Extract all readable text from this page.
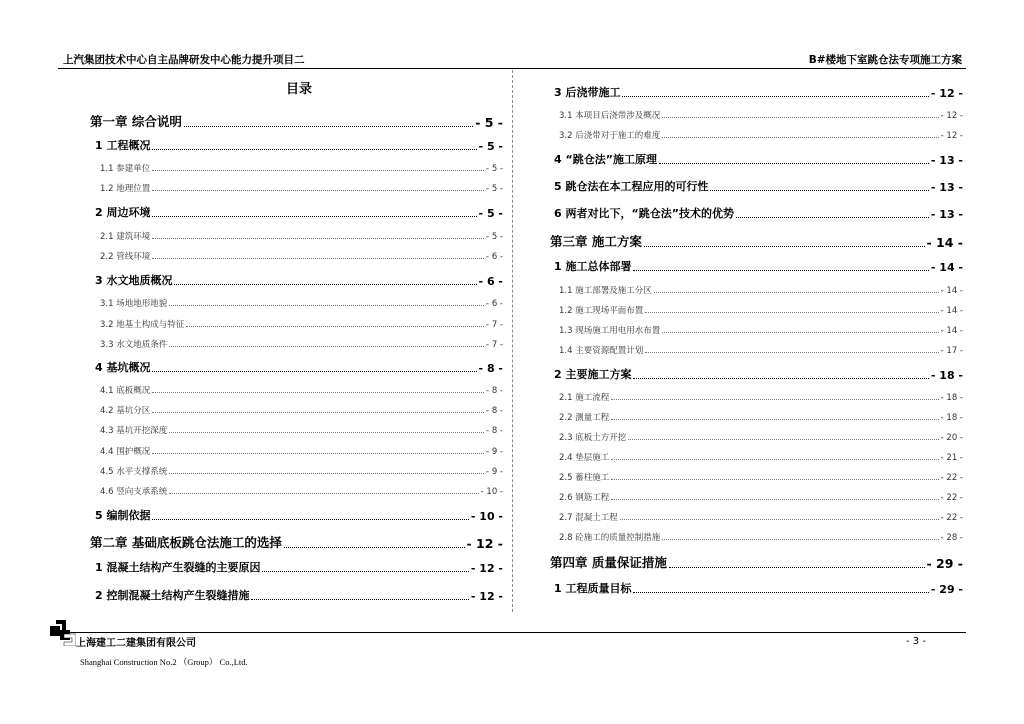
上汽集团技术中心自主品牌研发中心能力提升项目二	B#楼地下室跳仓法专项施工方案
目录
第一章 综合说明	- 5 -
1 工程概况	- 5 -
1.1 参建单位	- 5 -
1.2 地理位置	- 5 -
2 周边环境	- 5 -
2.1 建筑环境	- 5 -
2.2 管线环境	- 6 -
3 水文地质概况	- 6 -
3.1 场地地形地貌	- 6 -
3.2 地基土构成与特征	- 7 -
3.3 水文地质条件	- 7 -
4 基坑概况	- 8 -
4.1 底板概况	- 8 -
4.2 基坑分区	- 8 -
4.3 基坑开挖深度	- 8 -
4.4 围护概况	- 9 -
4.5 水平支撑系统	- 9 -
4.6 竖向支承系统	- 10 -
5 编制依据	- 10 -
第二章 基础底板跳仓法施工的选择	- 12 -
1 混凝土结构产生裂缝的主要原因	- 12 -
2 控制混凝土结构产生裂缝措施	- 12 -
3 后浇带施工	- 12 -
3.1 本项目后浇带涉及概况	- 12 -
3.2 后浇带对于施工的难度	- 12 -
4 “跳仓法”施工原理	- 13 -
5 跳仓法在本工程应用的可行性	- 13 -
6 两者对比下，“跳仓法”技术的优势	- 13 -
第三章 施工方案	- 14 -
1 施工总体部署	- 14 -
1.1 施工部署及施工分区	- 14 -
1.2 施工现场平面布置	- 14 -
1.3 现场施工用电用水布置	- 14 -
1.4 主要资源配置计划	- 17 -
2 主要施工方案	- 18 -
2.1 施工流程	- 18 -
2.2 测量工程	- 18 -
2.3 底板土方开挖	- 20 -
2.4 垫层施工	- 21 -
2.5 蓄柱施工	- 22 -
2.6 钢筋工程	- 22 -
2.7 混凝土工程	- 22 -
2.8 砼施工的质量控制措施	- 28 -
第四章 质量保证措施	- 29 -
1 工程质量目标	- 29 -
上海建工二建集团有限公司
Shanghai Construction No.2 （Group） Co.,Ltd.
- 3 -
